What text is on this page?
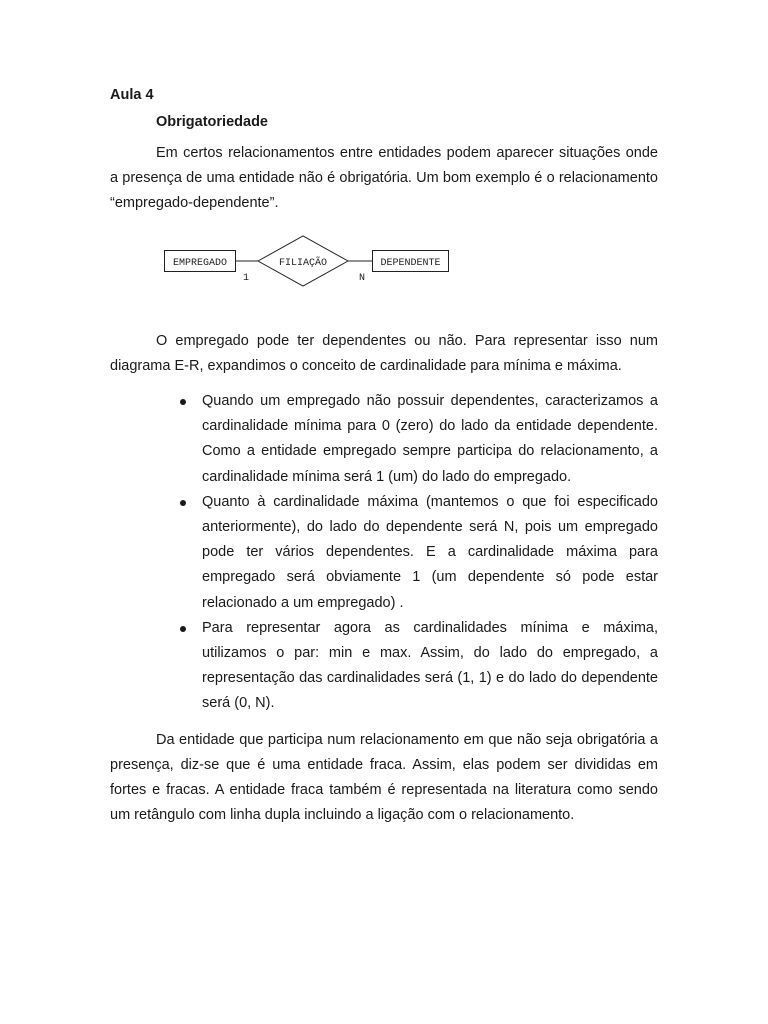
Aula 4
Obrigatoriedade

Em certos relacionamentos entre entidades podem aparecer situações onde a presença de uma entidade não é obrigatória. Um bom exemplo é o relacionamento “empregado-dependente”.

EMPREGADO	FILIAÇÃO	DEPENDENTE
1	N

O empregado pode ter dependentes ou não. Para representar isso num diagrama E-R, expandimos o conceito de cardinalidade para mínima e máxima.

Quando um empregado não possuir dependentes, caracterizamos a cardinalidade mínima para 0 (zero) do lado da entidade dependente. Como a entidade empregado sempre participa do relacionamento, a cardinalidade mínima será 1 (um) do lado do empregado.
Quanto à cardinalidade máxima (mantemos o que foi especificado anteriormente), do lado do dependente será N, pois um empregado pode ter vários dependentes. E a cardinalidade máxima para empregado será obviamente 1 (um dependente só pode estar relacionado a um empregado) .
Para representar agora as cardinalidades mínima e máxima, utilizamos o par: min e max. Assim, do lado do empregado, a representação das cardinalidades será (1, 1) e do lado do dependente será (0, N).

Da entidade que participa num relacionamento em que não seja obrigatória a presença, diz-se que é uma entidade fraca. Assim, elas podem ser divididas em fortes e fracas. A entidade fraca também é representada na literatura como sendo um retângulo com linha dupla incluindo a ligação com o relacionamento.
